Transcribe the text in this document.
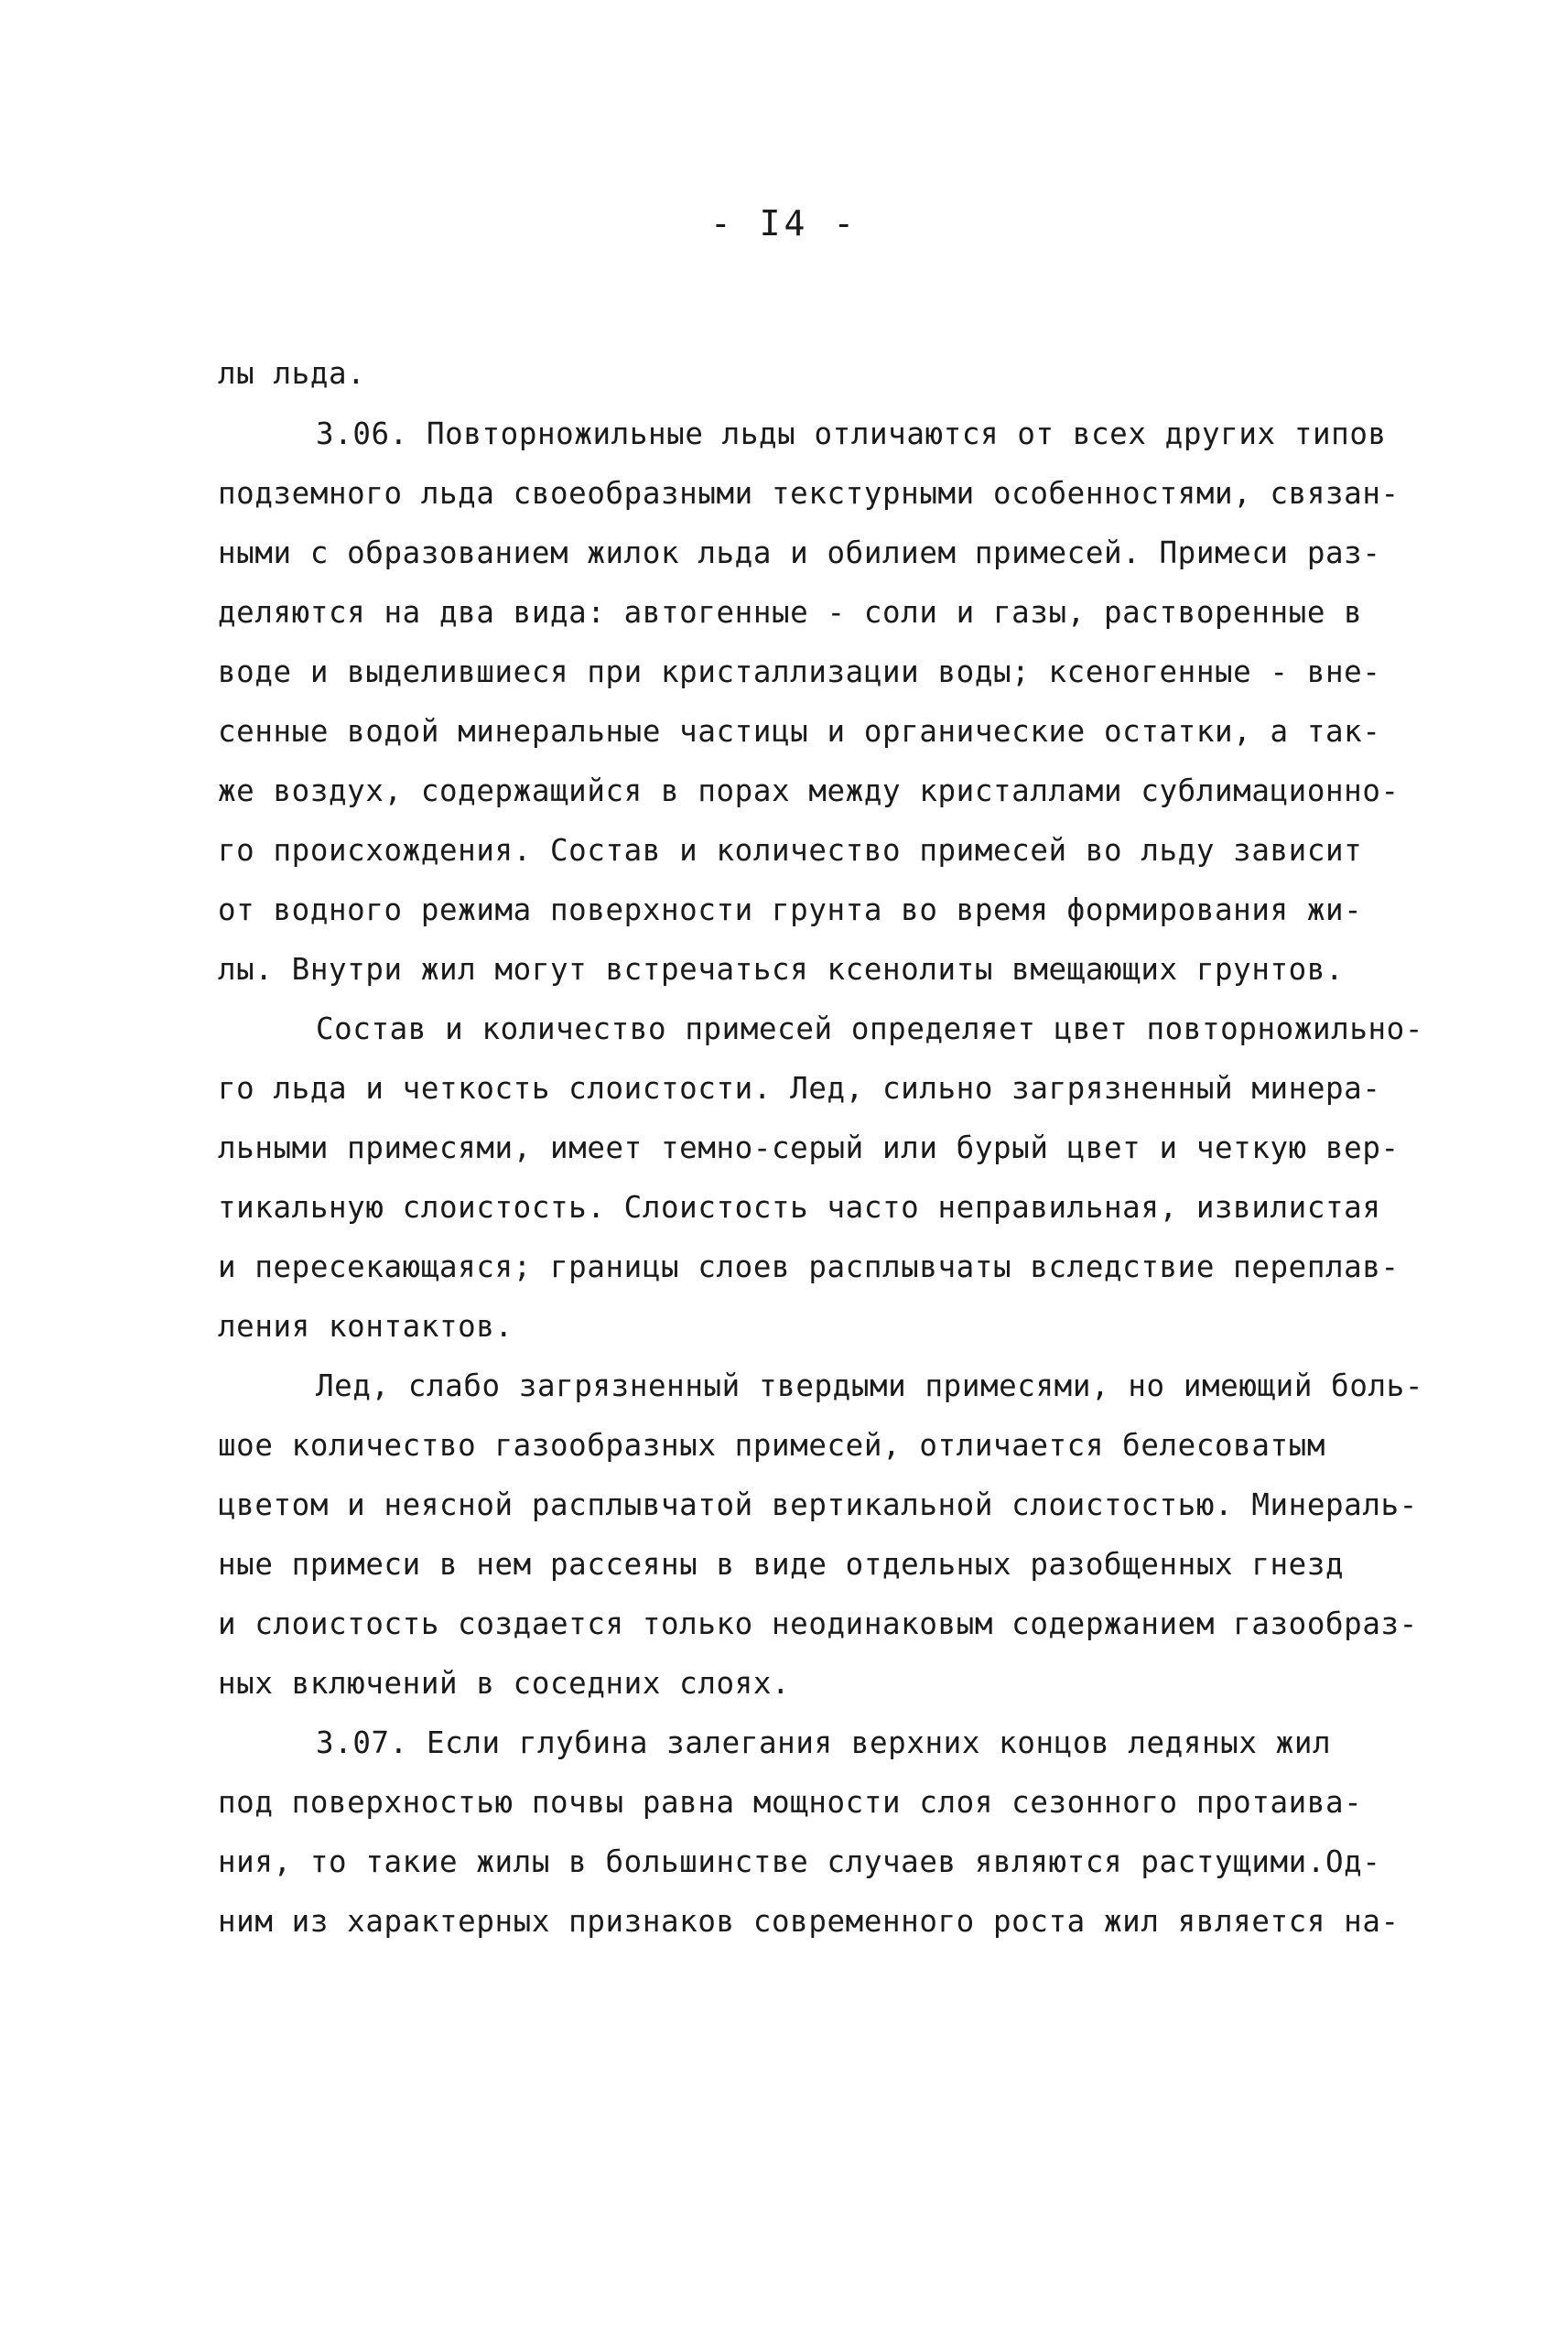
- I4 -
лы льда.
3.06. Повторножильные льды отличаются от всех других типов
подземного льда своеобразными текстурными особенностями, связан-
ными с образованием жилок льда и обилием примесей. Примеси раз-
деляются на два вида: автогенные - соли и газы, растворенные в
воде и выделившиеся при кристаллизации воды; ксеногенные - вне-
сенные водой минеральные частицы и органические остатки, а так-
же воздух, содержащийся в порах между кристаллами сублимационно-
го происхождения. Состав и количество примесей во льду зависит
от водного режима поверхности грунта во время формирования жи-
лы. Внутри жил могут встречаться ксенолиты вмещающих грунтов.
Состав и количество примесей определяет цвет повторножильно-
го льда и четкость слоистости. Лед, сильно загрязненный минера-
льными примесями, имеет темно-серый или бурый цвет и четкую вер-
тикальную слоистость. Слоистость часто неправильная, извилистая
и пересекающаяся; границы слоев расплывчаты вследствие переплав-
ления контактов.
Лед, слабо загрязненный твердыми примесями, но имеющий боль-
шое количество газообразных примесей, отличается белесоватым
цветом и неясной расплывчатой вертикальной слоистостью. Минераль-
ные примеси в нем рассеяны в виде отдельных разобщенных гнезд
и слоистость создается только неодинаковым содержанием газообраз-
ных включений в соседних слоях.
3.07. Если глубина залегания верхних концов ледяных жил
под поверхностью почвы равна мощности слоя сезонного протаива-
ния, то такие жилы в большинстве случаев являются растущими.Од-
ним из характерных признаков современного роста жил является на-
